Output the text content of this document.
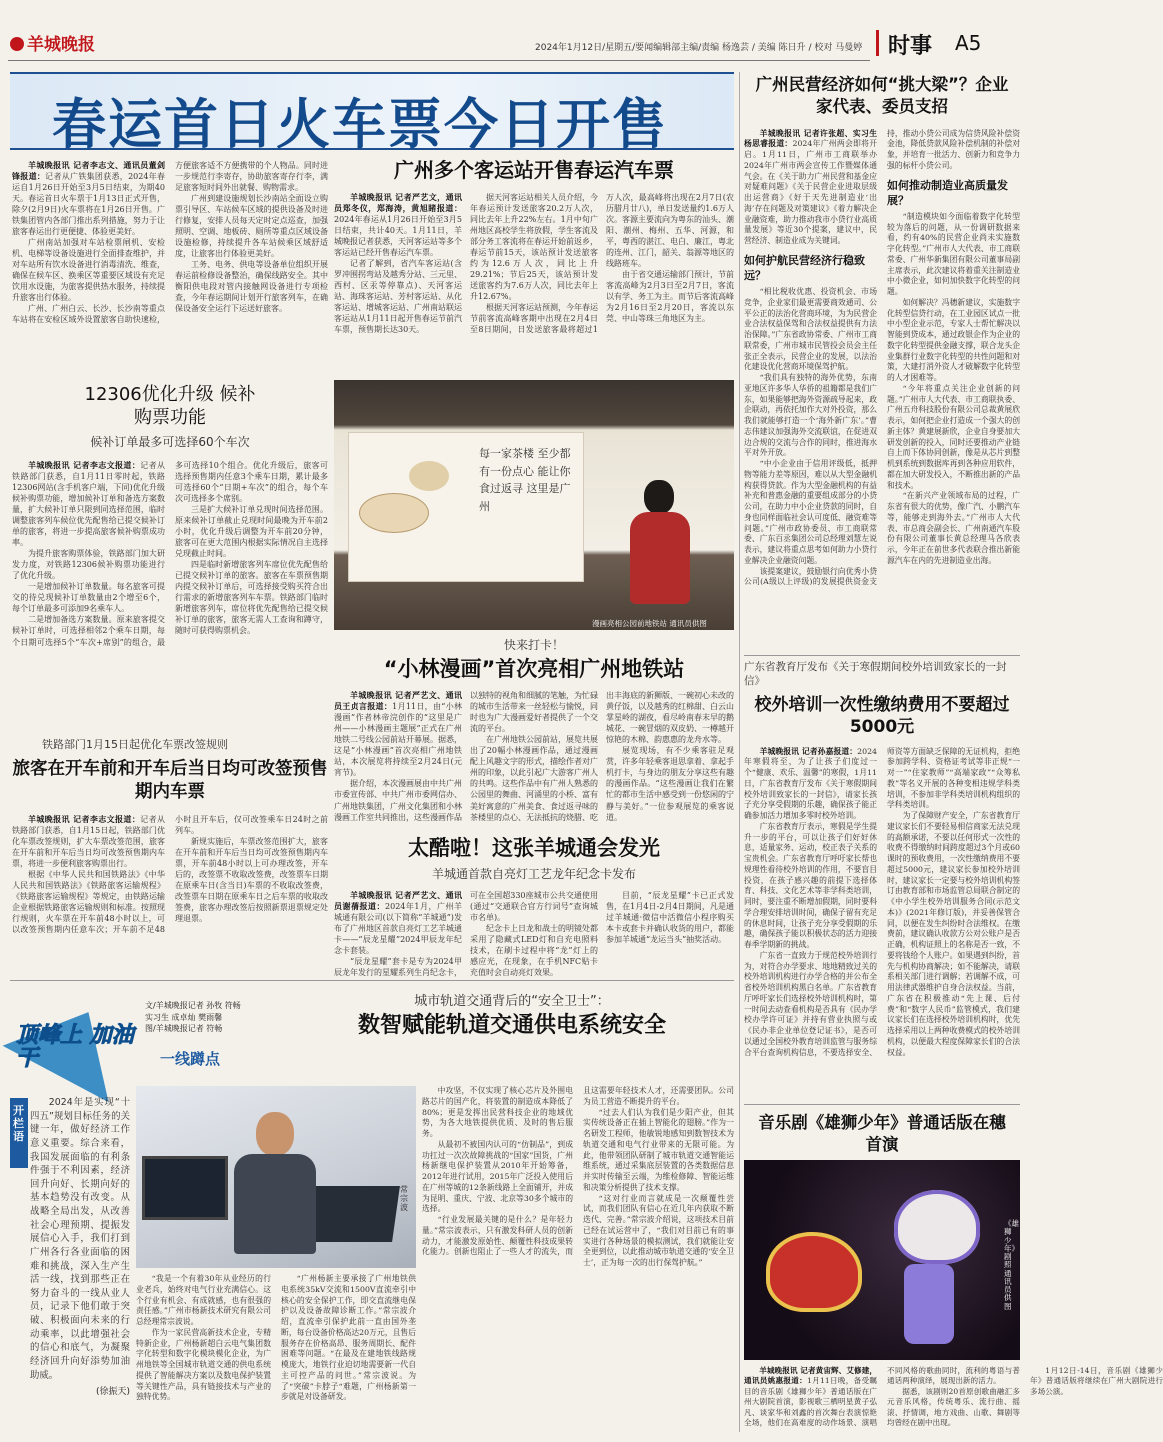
羊城晚报	2024年1月12日/星期五/要闻编辑部主编/责编 杨逸芸 / 美编 陈日升 / 校对 马曼婷 时事 A5
春运首日火车票今日开售

羊城晚报讯 记者李志文、通讯员董剑锋报道：记者从广铁集团获悉，2024年春运自1月26日开始至3月5日结束，为期40天。春运首日火车票于1月13日正式开售，除夕(2月9日)火车票将在1月26日开售。广铁集团管内各部门推出系列措施，努力于让旅客春运出行更便捷、体验更美好。

广州南站加强对车站检票闸机、安检机、电梯等设备设施进行全面排查维护，并对车站所有饮水设备进行消毒清洗、维查，确保在候车区、换乘区等重要区域设有充足饮用水设施，为旅客提供热水服务，持续提升旅客出行体验。

广州、广州白云、长沙、长沙南等重点车站将在安检区域外设置旅客自助快速检，方便旅客适不方便携带的个人物品。同时进一步规范行李寄存，协助旅客寄存行李，满足旅客短时间外出就餐、购物需求。

广州到建设施规划长沙南站全面设立购票引导区、车站候车区域的提供设备及时进行修复，安排人员每天定时定点巡查，加强照明、空调、地板砖、厕所等重点区域设备设施检修，持续提升各车站候乘区域舒适度，让旅客出行体验更美好。

工务、电务、供电等设备单位组织开展春运前检修设备整治，确保线路安全。其中衡阳供电段对管内接触网设备进行专项检查，今年春运期间计划开行旅客列车，在确保设备安全运行下运送好旅客。

广州多个客运站开售春运汽车票

羊城晚报讯 记者严艺文，通讯员郑冬仪，郑海涛，黄旭睹报道：2024年春运从1月26日开始至3月5日结束，共计40天。1月11日，羊城晚报记者获悉，天河客运站等多个客运站已经开售春运汽车票。

记者了解到，省汽车客运站(含罗冲围拐弯站及越秀分站、三元里、西村、区汞等停靠点)、天河客运站、海珠客运站、芳村客运站、从化客运站、增城客运站、广州南站联运客运站从1月11日起开售春运节前汽车票，预售期长达30天。

据天河客运站相关人员介绍，今年春运预计发送旅客20.2万人次，同比去年上升22%左右。1月中旬广州地区高校学生将放假，学生客流及部分务工客流将在春运开始前返乡，春运节前15天，该站预计发送旅客约为12.6万人次，同比上升29.21%；节后25天，该站预计发送旅客约为7.6万人次，同比去年上升12.67%。

根据天河客运站预测，今年春运节前客流高峰客期中出现在2月4日至8日期间，日发送旅客最将超过1万人次，最高峰将出现在2月7日(农历腊月廿八)，单日发送量约1.6万人次。客源主要流向为粤东的汕头、潮阳、潮州、梅州、五华、河源，和平，粤西的湛江、电白、廉江，粤北的连州、江门，韶关、翁源等地区的线路班车。

由于省交通运输部门预计，节前客流高峰为2月3日至2月7日，客流以有学、务工为主。而节后客流高峰为2月16日至2月20日，客流以东莞、中山等珠三角地区为主。

12306优化升级 候补购票功能
候补订单最多可选择60个车次

羊城晚报讯 记者李志文报道：记者从铁路部门获悉，自1月11日零时起，铁路12306网站(含手机客户端，下同)优化升级候补购票功能，增加候补订单和备选方案数量，扩大候补订单只限到同选择范围，临时调整旅客列车候位优先配售给已提交候补订单的旅客，将进一步提高旅客候补购票成功率。

为提升旅客购票体验，铁路部门加大研发力度，对铁路12306候补购票功能进行了优化升级。

一是增加候补订单数量。每名旅客可提交的待兑现候补订单数量由2个增至6个，每个订单最多可添加9名乘车人。

二是增加备选方案数量。原来旅客提交候补订单时，可选择相邻2个乘车日期，每个日期可选择5个“车次+席别”的组合，最多可选择10个组合。优化升级后，旅客可选择预售期内任意3个乘车日期，累计最多可选择60个“日期+车次”的组合，每个车次可选择多个席别。

三是扩大候补订单兑现时间选择范围。原来候补订单截止兑现时间最晚为开车前2小时，优化升级后调整为开车前20分钟，旅客可在更大范围内根据实际情况自主选择兑现截止时间。

四是临时新增旅客列车席位优先配售给已提交候补订单的旅客。旅客在车票预售期内提交候补订单后，可选择接受购买符合出行需求的新增旅客列车车票。铁路部门临时新增旅客列车，席位将优先配售给已提交候补订单的旅客，旅客无需人工查询和蹲守，随时可获得购票机会。

每一家茶楼 至少都有一份点心 能让你食过返寻 这里是广州
漫画亮相公园前地铁站 通讯员供图
快来打卡！
“小林漫画”首次亮相广州地铁站

羊城晚报讯 记者严艺文、通讯员王贞言报道：1月11日，由“小林漫画”作者林帝浣创作的“这里是广州——小林漫画主题展”正式在广州地铁二号线公园前站开幕展。据悉，这是“小林漫画”首次亮相广州地铁站，本次展览将持续至2月24日(元宵节)。

据介绍，本次漫画展由中共广州市委宣传部、中共广州市委网信办、广州地铁集团，广州文化集团和小林漫画工作室共同推出，这些漫画作品以独特的视角和细腻的笔触，为忙碌的城市生活带来一丝轻松与愉悦，同时也为广大漫画爱好者提供了一个交流的平台。

在广州地铁公园前站，展览共展出了20幅小林漫画作品，通过漫画配上风趣文字的形式，描绘作者对广州的印象，以此引起广大游客广州人的共鸣。这些作品中有广州人熟悉的公园里的舞曲、河涌里的小桥、富有美好寓意的广州美食、食过返寻味的茶楼里的点心、无法抵抗的烧腊、吃出丰海底的新狮版、一碗初心未改的黄仔饭，以及越秀的红棉甜、白云山掌星岭的湖夜，看尽岭南春末早的鹅城花、一碗冒烟的双皮奶、一樽越开惊艳的木棉、韵惠惠的龙舟水等。

展览现场，有不少乘客驻足观赏，许多年轻乘客退思拿着、拿起手机打卡，与身边的朋友分享这些有趣的漫画作品。“这些漫画让我们在繁忙的都市生活中感受到一份悠闲的宁静与美好。”一位参观展览的乘客说道。

铁路部门1月15日起优化车票改签规则
旅客在开车前和开车后当日均可改签预售期内车票

羊城晚报讯 记者李志文报道：记者从铁路部门获悉，自1月15日起，铁路部门优化车票改签规则，扩大车票改签范围，旅客在开车前和开车后当日均可改签预售期内车票，将进一步便利旅客购票出行。

根据《中华人民共和国铁路法》《中华人民共和国铁路法》《铁路旅客运输规程》《铁路旅客运输规程》等规定，由铁路运输企业根据铁路旅客运输规则和标准。按照现行规则，火车票在开车前48小时以上，可以改签预售期内任意车次；开车前不足48小时且开车后，仅可改签乘车日24时之前列车。

新规实施后，车票改签范围扩大，旅客在开车前和开车后当日均可改签预售期内车票，开车前48小时以上可办理改签，开车后的，改签票不收取改签费，改签票车日期在原乘车日(含当日)车票的不收取改签费，改签票车日期在原乘车日之后车票的收取改签费，旅客办理改签后按照新票退票规定处理退票。

太酷啦！这张羊城通会发光
羊城通首款自亮灯工艺龙年纪念卡发布

羊城晚报讯 记者严艺文、通讯员谢蒨报道：2024年1月，广州羊城通有限公司(以下简称“羊城通”)发布了广州地区首款自亮灯工艺羊城通卡——“辰龙星耀”2024甲辰龙年纪念卡套装。

“辰龙星耀”套卡是专为2024甲辰龙年发行的星耀系列生肖纪念卡，可在全国超330座城市公共交通使用(通过“交通联合官方行词号”查询城市名单)。

纪念卡上日龙和战士的明镜处都采用了隐藏式LED灯和自充电照料技术，在刷卡过程中将“龙”灯上的感应光，在现象，在手机NFC贴卡充值时会自动亮灯效果。

目前，“辰龙星耀”卡已正式发售，在1月4日-2月4日期间，凡是通过羊城通·微信中活微信小程序购买本卡或套卡并确认收货的用户，都能参加羊城通“龙运当头”抽奖活动。

广州民营经济如何“挑大梁”？企业家代表、委员支招

羊城晚报讯 记者许张超、实习生杨思睿报道：2024年广州两会即将开启。1月11日，广州市工商联举办2024年广州市两会宣传工作暨媒体通气会。在《关于助力广州民营和基金应对疑难问题》《关于民营企业进取层级出运营商》《好于天先进制造业‘出海’存在问题及对策建议》《着力解决企业融资难，助力推动我市小贷行业高质量发展》等近30个提案，建议中，民营经济、制造业成为关键词。

如何护航民营经济行稳致远？

“相比税收优惠、投资机会、市场竞争，企业家们最更需要商效通司、公平公正的法治化营商环境，为为民营企业合法权益保驾和合法权益提供有力法治保障。”广东省政协常委、广州市工商联常委，广州市城市民管投会员会主任张正全表示，民营企业的发展，以法治化建设优化营商环境保驾护航。

“我们具有独特的海外优势，东南亚地区许多华人华侨的祖籍都是我们广东，如果能够把海外资源疏导起来，政企联动，再依托加作大对外投资，那么我们就能够打造一个‘海外新广东’。”曹志伟建议加强海外交流联谊，在促进双边合规的交流与合作的同时，推进海水平对外开放。

“中小企业由于信用评级低，抵押物等能力差等原因，难以从大型金融机构获得贷款。作为大型金融机构的有益补充和普惠金融的重要组成部分的小贷公司，在助力中小企业贷款的同时，自身也同样面临社会认可度低、融资难等问题。”广州市政协委员、市工商联常委、广东百丞集团公司总经理刘慧左说表示，建议将重点思考如何助力小贷行业解决企业融资问题。

该提案建议，鼓励银行向优秀小贷公司(A级以上评级)的发展提供资金支持，推动小贷公司成为信贷风险补偿资金池，降低贷款风险补偿机制的补偿对象，并培育一批活力、创新力和竞争力强的标杆小贷公司。

如何推动制造业高质量发展？

“制造模块如今面临着数字化转型较为落后的问题，从一份调研数据来看，约有40%的民营企业尚未实施数字化转型。”广州市人大代表、市工商联常委、广州华新集团有限公司董事局副主席表示，此次建议将着重关注制造业中小微企业，如何加快数字化转型的问题。

如何解决？冯穗新建议，实施数字化转型信贷行动，在工业园区试点一批中小型企业示范，专家人士帮忙解决以智能到贷成本，通过政银企作为企业的数字化转型提供金融支撑，联合龙头企业集群行业数字化转型的共性问题和对策，大建打消外资人才破解数字化转型的人才困难等。

“今年将重点关注企业创新的问题。”广州市人大代表、市工商联执委、广州五舟科技股份有限公司总裁黄展欣表示，如何把企业打造成一个强大的创新主体？黄建展新欣，企业自身要加大研发创新的投入，同时还要推动产业链自上而下体协同创新，像是从芯片到整机到系统到数据库再到各种应用软件，都在加大研发投入，不断推出新的产品和技术。

“在新兴产业领域布局的过程，广东省有很大的优势，像广汽、小鹏汽车等，能够走到海外去。”广州市人大代表、市总商会副会长、广州南通汽车股份有限公司董事长黄总经理马各欣表示，今年正在前世多代表联合推出新能源汽车在内的先进制造业出海。

广东省教育厅发布《关于寒假期间校外培训致家长的一封信》
校外培训一次性缴纳费用不要超过5000元

羊城晚报讯 记者孙嘉报道：2024年寒假将至，为了让孩子们度过一个“健康、欢乐、温馨”的寒假，1月11日，广东省教育厅发布《关于寒假期间校外培训致家长的一封信》，请家长孩子充分享受假期的乐趣，确保孩子能正确参加活力增加多零时校外培训。

广东省教育厅表示，寒假是学生提升一步的平台，可以让孩子们好好休息，适量家务、运动，校正表子关系的宝贵机会。广东省教育厅呼吁家长帮也规理性看待校外培训的作用，不要盲目投资，在孩子感兴趣的前提下选择体育、科技、文化艺术等非学科类培训，同时，要注重不断增加假期，同时要科学合理安排培训时间，确保子留有充足的休息时间，让孩子充分享受假期的乐趣，确保孩子能以积极状态的活力迎接春季学期新的挑战。

广东省一直致力于规范校外培训行为，对符合办学要求、地地精致过关的校外培训机构进行办学合格的并公布全省校外培训机构黑白名单。广东省教育厅呼吁家长们选择校外培训机构时，第一时间去动查看机构是否具有《民办学校办学许可证》并持有营业执照与或《民办非企业单位登记证书》，是否可以通过全国校外教育培训监管与服务综合平台查询机构信息，不要选择安全、师资等方面缺乏保障的无证机构，拒绝参加跨学科、资格证考试等非正规“一对一”“住家教师”“高端家政”“众筹私教”等名义开展的各种变相违规学科类培训，不参加非学科类培训机构组织的学科类培训。

为了保障财产安全，广东省教育厅建议家长们不要轻易相信商家无法兑现的高额承诺，不要以任何形式一次性的收费不得缴纳时间跨度超过3个月或60课时的预收费用，一次性缴纳费用不要超过5000元，建议家长参加校外培训时，建议家长一定要与校外培训机构签订由教育部和市场监管总局联合制定的《中小学生校外培训服务合同(示范文本)》(2021年修订版)，并妥善保管合同，以便在发生纠纷时合法维权。在缴费前，建议确认收款方公对公账户是否正确，机构证照上的名称是否一致，不要将钱给个人账户。如果遇到纠纷，首先与机构协商解决；如不能解决，请联系相关部门进行调解；若调解不成，可用法律武器维护自身合法权益。当前，广东省在积极推动“先上课、后付费”和“数字人民币”监管模式，我们建议家长们在选择校外培训机构时，优先选择采用以上两种收费模式的校外培训机构，以便最大程度保障家长们的合法权益。

音乐剧《雄狮少年》普通话版在穗首演
《雄狮少年》剧照 通讯员供图

羊城晚报讯 记者黄宙辉、艾修建，通讯员姚惠报道：1月11日晚，备受瞩目的音乐剧《雄狮少年》普通话版在广州大剧院首演，影视歌三栖明星黄子弘凡、谈家华和刘鑫的首次舞台表演惊艳全场，他们在高难度的动作场景、演唱不同风格的歌曲同时，流利的粤语与普通话两种演绎，展现出新的活力。

据悉，该剧则20首原创歌曲融汇多元音乐风格，传统粤乐、流行曲、摇滚、抒情调，地方戏曲、山歌、舞剧等均曾经在剧中出现。

1月12日-14日，音乐剧《雄狮少年》普通话版将继续在广州大剧院进行多场公演。

顶峰上 加油干	一线蹲点
文/羊城晚报记者 孙牧 符畅
实习生 成卓灿 樊雨馨
图/羊城晚报记者 符畅
城市轨道交通背后的“安全卫士”：
数智赋能轨道交通供电系统安全
开栏语

2024年是实现“十四五”规划目标任务的关键一年，做好经济工作意义重要。综合来看，我国发展面临的有利条件强于不利因素，经济回升向好、长期向好的基本趋势没有改变。从战略全局出发，从改善社会心理预期、提振发展信心入手，我们打到广州各行各业面临的困难和挑战，深入生产生活一线，找到那些正在努力奋斗的一线从业人员，记录下他们敢于突破、积极面向未来的行动乘率，以此增强社会的信心和底气，为凝聚经济回升向好添势加油助威。

(徐振天)

常宗波

“我是一个有着30年从业经历的行业老兵，始终对电气行业充满信心。这个行业有机会、有成就感，也有很强的责任感。”广州市杨新技术研究有限公司总经理常宗波说。

作为一家民营高新技术企业，专精特新企业，广州杨新超白云电气集团数字化转型和数字化模块模化企业，为广州地铁等全国城市轨道交通的供电系统提供了智能解决方案以及数电保护装置等关键性产品，具有链接技术与产业的独特优势。

“广州杨新主要承接了广州地铁供电系统35kV交流和1500V直流牵引中核心的安全保护工作，即交直流继电保护以及设备故障诊断工作。”常宗波介绍，直流牵引保护此前一直由国外垄断，每台设备价格高达20万元，且售后服务存在价格高昂、服务周期长、配件困难等问题。“在最及在建地铁线路规模庞大，地铁行业迫切地需要新一代自主可控产品的问世。”常宗波说。为了“突破”卡脖子“难题，广州杨新第一步就是对设备研发。

中攻坚，不仅实现了核心芯片及外围电路芯片的国产化，将装置的制造成本降低了80%；更是发挥出民营科技企业的地域优势，为各大地铁提供优质、及时的售后服务。

从最初不被国内认可的“仿制品”，到成功扛过一次次故障挑战的“国家”国货，广州杨新继电保护装置从2010年开始筹备，2012年进行试用，2015年广泛投入使用后在广州等城的12条新线路上全面铺开，并成为昆明、重庆、宁波、北京等30多个城市的选择。

“行业发展最关键的是什么？是年轻力量。”常宗波表示，只有激发科研人员的创新动力，才能激发原始性、颠覆性科技成果转化能力。创新也阻止了一些人才的流失，而且这需要年轻技术人才，还需要团队。公司为员工营造不断提升的平台。

“过去人们认为我们是少阳产业，但其实传统设备正在插上智能化的翅膀。”作为一名研发工程师，他敏锐地感知到数智技术为轨道交通和电气行业带来的无限可能。为此，他带领团队研制了城市轨道交通智能运维系统，通过采集底层装置的各类数据信息并实时传输至云端，为维检修障、智能运维和决策分析提供了技术支撑。

“这对行业而言就成是一次颠覆性尝试，而我们团队有信心在近几年内获取不断迭代、完善。”常宗波介绍说，这项技术目前已经在试运营中了，“我们对目前已有的事实进行各种场景的模拟测试，我们就能让安全更到位，以此推动城市轨道交通的‘安全卫士’，正为每一次的出行保驾护航。”
